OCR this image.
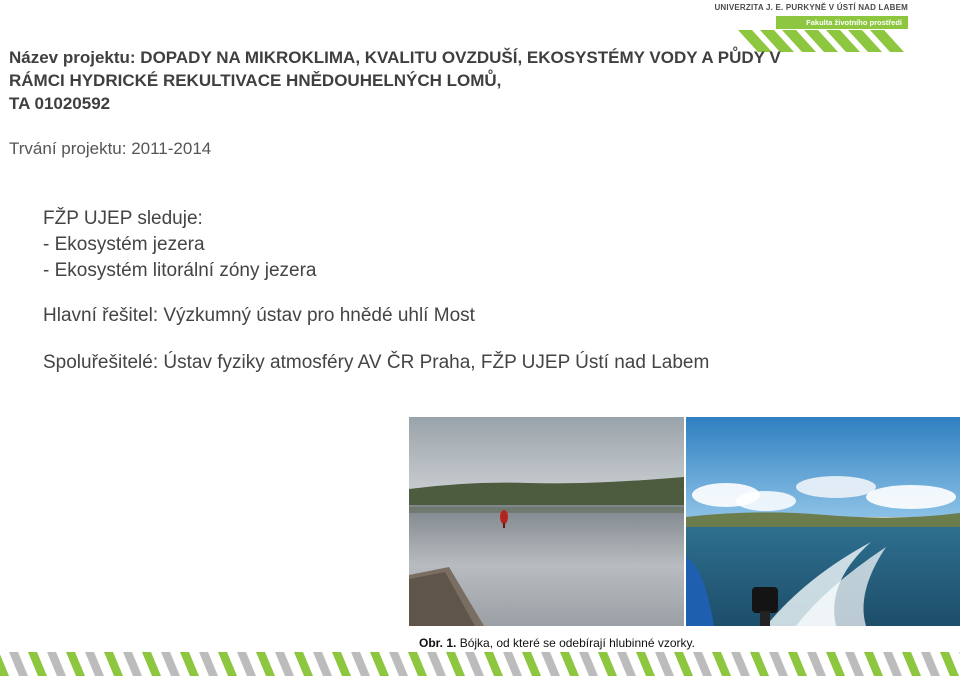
UNIVERZITA J. E. PURKYNĚ V ÚSTÍ NAD LABEM
Fakulta životního prostředí
Název projektu: DOPADY NA MIKROKLIMA, KVALITU OVZDUŠÍ, EKOSYSTÉMY VODY A PŮDY V
RÁMCI HYDRICKÉ REKULTIVACE HNĚDOUHELNÝCH LOMŮ,
TA 01020592

Trvání projektu: 2011-2014

FŽP UJEP sleduje:
- Ekosystém jezera
- Ekosystém litorální zóny jezera

Hlavní řešitel: Výzkumný ústav pro hnědé uhlí Most

Spoluřešitelé: Ústav fyziky atmosféry AV ČR Praha, FŽP UJEP Ústí nad Labem

Obr. 1. Bójka, od které se odebírají hlubinné vzorky.
